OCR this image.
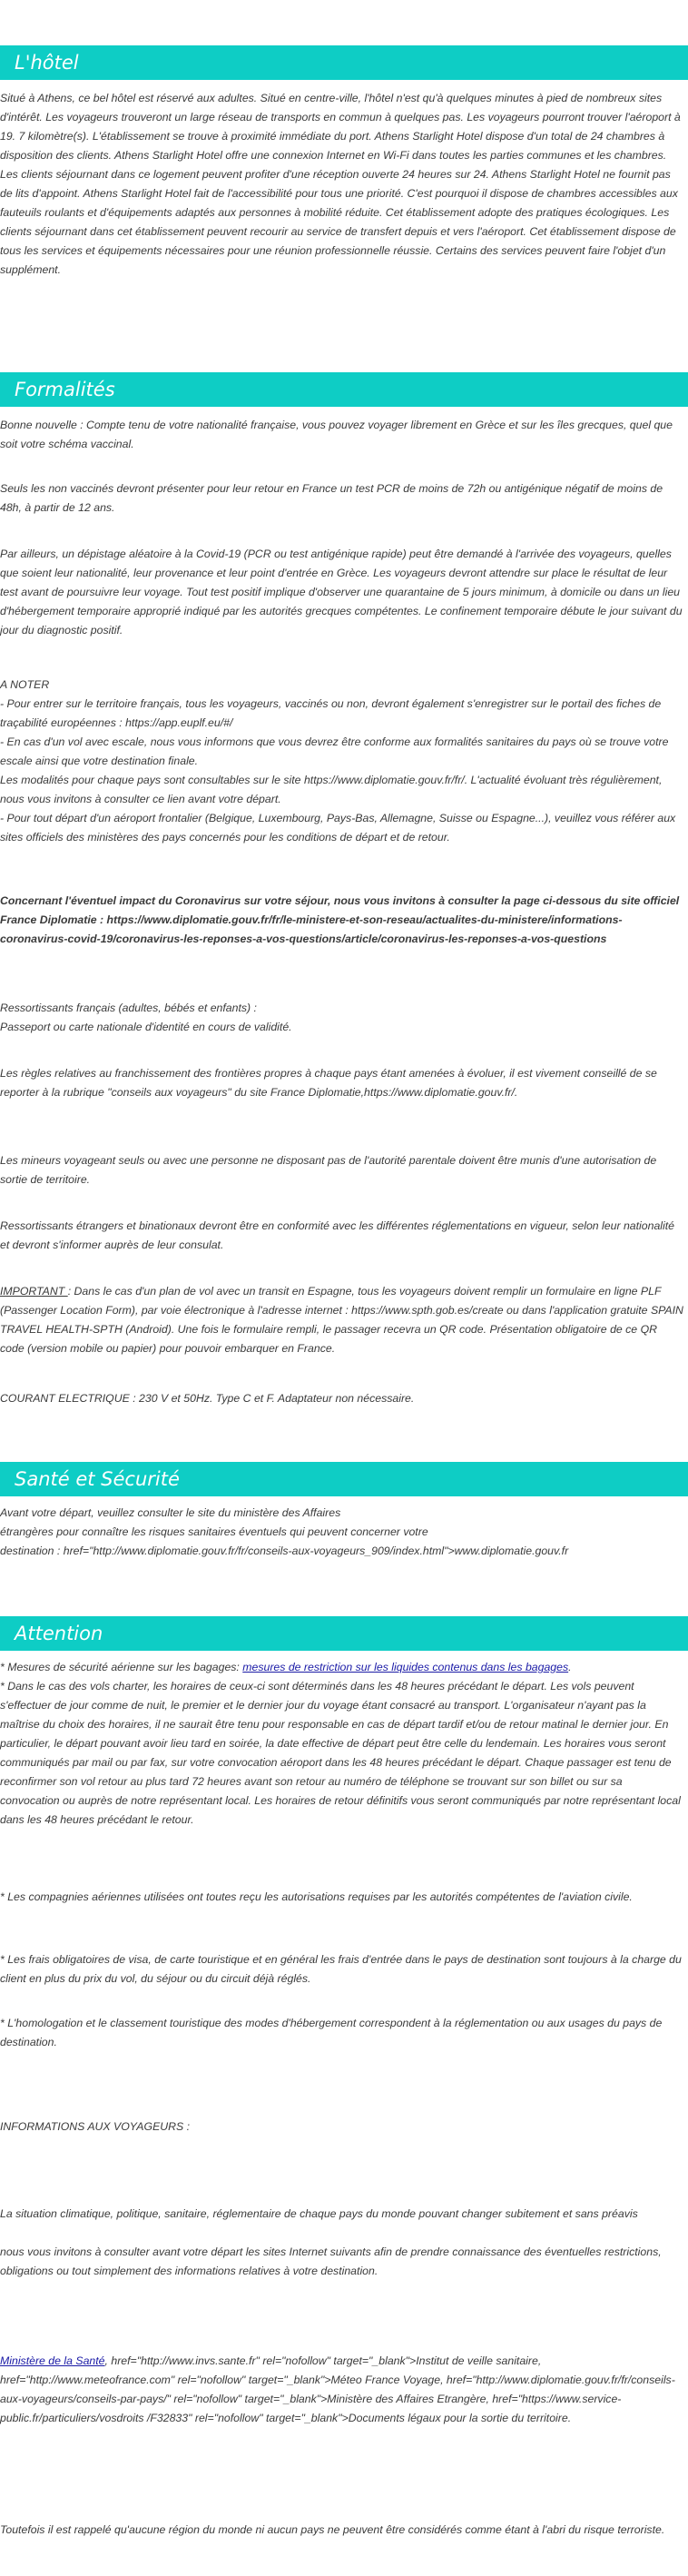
L'hôtel
Situé à Athens, ce bel hôtel est réservé aux adultes. Situé en centre-ville, l'hôtel n'est qu'à quelques minutes à pied de nombreux sites d'intérêt. Les voyageurs trouveront un large réseau de transports en commun à quelques pas. Les voyageurs pourront trouver l'aéroport à 19. 7 kilomètre(s). L'établissement se trouve à proximité immédiate du port. Athens Starlight Hotel dispose d'un total de 24 chambres à disposition des clients. Athens Starlight Hotel offre une connexion Internet en Wi-Fi dans toutes les parties communes et les chambres. Les clients séjournant dans ce logement peuvent profiter d'une réception ouverte 24 heures sur 24. Athens Starlight Hotel ne fournit pas de lits d'appoint. Athens Starlight Hotel fait de l'accessibilité pour tous une priorité. C'est pourquoi il dispose de chambres accessibles aux fauteuils roulants et d'équipements adaptés aux personnes à mobilité réduite. Cet établissement adopte des pratiques écologiques. Les clients séjournant dans cet établissement peuvent recourir au service de transfert depuis et vers l'aéroport. Cet établissement dispose de tous les services et équipements nécessaires pour une réunion professionnelle réussie. Certains des services peuvent faire l'objet d'un supplément.
Formalités
Bonne nouvelle : Compte tenu de votre nationalité française, vous pouvez voyager librement en Grèce et sur les îles grecques, quel que soit votre schéma vaccinal.
Seuls les non vaccinés devront présenter pour leur retour en France un test PCR de moins de 72h ou antigénique négatif de moins de 48h, à partir de 12 ans.
Par ailleurs, un dépistage aléatoire à la Covid-19 (PCR ou test antigénique rapide) peut être demandé à l'arrivée des voyageurs, quelles que soient leur nationalité, leur provenance et leur point d'entrée en Grèce. Les voyageurs devront attendre sur place le résultat de leur test avant de poursuivre leur voyage. Tout test positif implique d'observer une quarantaine de 5 jours minimum, à domicile ou dans un lieu d'hébergement temporaire approprié indiqué par les autorités grecques compétentes. Le confinement temporaire débute le jour suivant du jour du diagnostic positif.
A NOTER
- Pour entrer sur le territoire français, tous les voyageurs, vaccinés ou non, devront également s'enregistrer sur le portail des fiches de traçabilité européennes : https://app.euplf.eu/#/
- En cas d'un vol avec escale, nous vous informons que vous devrez être conforme aux formalités sanitaires du pays où se trouve votre escale ainsi que votre destination finale.
Les modalités pour chaque pays sont consultables sur le site https://www.diplomatie.gouv.fr/fr/. L'actualité évoluant très régulièrement, nous vous invitons à consulter ce lien avant votre départ.
- Pour tout départ d'un aéroport frontalier (Belgique, Luxembourg, Pays-Bas, Allemagne, Suisse ou Espagne...), veuillez vous référer aux sites officiels des ministères des pays concernés pour les conditions de départ et de retour.
Concernant l'éventuel impact du Coronavirus sur votre séjour, nous vous invitons à consulter la page ci-dessous du site officiel France Diplomatie : https://www.diplomatie.gouv.fr/fr/le-ministere-et-son-reseau/actualites-du-ministere/informations-coronavirus-covid-19/coronavirus-les-reponses-a-vos-questions/article/coronavirus-les-reponses-a-vos-questions
Ressortissants français (adultes, bébés et enfants) :
Passeport ou carte nationale d'identité en cours de validité.
Les règles relatives au franchissement des frontières propres à chaque pays étant amenées à évoluer, il est vivement conseillé de se reporter à la rubrique "conseils aux voyageurs" du site France Diplomatie,https://www.diplomatie.gouv.fr/.
Les mineurs voyageant seuls ou avec une personne ne disposant pas de l'autorité parentale doivent être munis d'une autorisation de sortie de territoire.
Ressortissants étrangers et binationaux devront être en conformité avec les différentes réglementations en vigueur, selon leur nationalité et devront s'informer auprès de leur consulat.
IMPORTANT : Dans le cas d'un plan de vol avec un transit en Espagne, tous les voyageurs doivent remplir un formulaire en ligne PLF (Passenger Location Form), par voie électronique à l'adresse internet : https://www.spth.gob.es/create ou dans l'application gratuite SPAIN TRAVEL HEALTH-SPTH (Android). Une fois le formulaire rempli, le passager recevra un QR code. Présentation obligatoire de ce QR code (version mobile ou papier) pour pouvoir embarquer en France.
COURANT ELECTRIQUE : 230 V et 50Hz. Type C et F. Adaptateur non nécessaire.
Santé et Sécurité
Avant votre départ, veuillez consulter le site du ministère des Affaires
étrangères pour connaître les risques sanitaires éventuels qui peuvent concerner votre
destination : href="http://www.diplomatie.gouv.fr/fr/conseils-aux-voyageurs_909/index.html">www.diplomatie.gouv.fr
Attention
* Mesures de sécurité aérienne sur les bagages: mesures de restriction sur les liquides contenus dans les bagages.
* Dans le cas des vols charter, les horaires de ceux-ci sont déterminés dans les 48 heures précédant le départ. Les vols peuvent s'effectuer de jour comme de nuit, le premier et le dernier jour du voyage étant consacré au transport. L'organisateur n'ayant pas la maîtrise du choix des horaires, il ne saurait être tenu pour responsable en cas de départ tardif et/ou de retour matinal le dernier jour. En particulier, le départ pouvant avoir lieu tard en soirée, la date effective de départ peut être celle du lendemain. Les horaires vous seront communiqués par mail ou par fax, sur votre convocation aéroport dans les 48 heures précédant le départ. Chaque passager est tenu de reconfirmer son vol retour au plus tard 72 heures avant son retour au numéro de téléphone se trouvant sur son billet ou sur sa convocation ou auprès de notre représentant local. Les horaires de retour définitifs vous seront communiqués par notre représentant local dans les 48 heures précédant le retour.
* Les compagnies aériennes utilisées ont toutes reçu les autorisations requises par les autorités compétentes de l'aviation civile.
* Les frais obligatoires de visa, de carte touristique et en général les frais d'entrée dans le pays de destination sont toujours à la charge du client en plus du prix du vol, du séjour ou du circuit déjà réglés.
* L'homologation et le classement touristique des modes d'hébergement correspondent à la réglementation ou aux usages du pays de destination.
INFORMATIONS AUX VOYAGEURS :
La situation climatique, politique, sanitaire, réglementaire de chaque pays du monde pouvant changer subitement et sans préavis
nous vous invitons à consulter avant votre départ les sites Internet suivants afin de prendre connaissance des éventuelles restrictions, obligations ou tout simplement des informations relatives à votre destination.
Ministère de la Santé, href="http://www.invs.sante.fr" rel="nofollow" target="_blank">Institut de veille sanitaire, href="http://www.meteofrance.com" rel="nofollow" target="_blank">Méteo France Voyage, href="http://www.diplomatie.gouv.fr/fr/conseils-aux-voyageurs/conseils-par-pays/" rel="nofollow" target="_blank">Ministère des Affaires Etrangère, href="https://www.service-public.fr/particuliers/vosdroits /F32833" rel="nofollow" target="_blank">Documents légaux pour la sortie du territoire.
Toutefois il est rappelé qu'aucune région du monde ni aucun pays ne peuvent être considérés comme étant à l'abri du risque terroriste.
